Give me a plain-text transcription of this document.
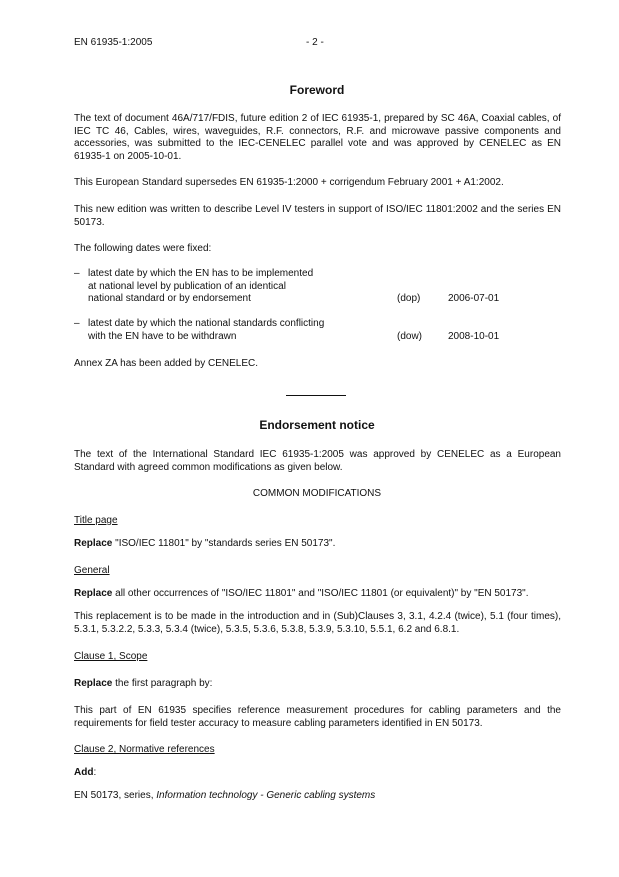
EN 61935-1:2005	- 2 -
Foreword
The text of document 46A/717/FDIS, future edition 2 of IEC 61935-1, prepared by SC 46A, Coaxial cables, of IEC TC 46, Cables, wires, waveguides, R.F. connectors, R.F. and microwave passive components and accessories, was submitted to the IEC-CENELEC parallel vote and was approved by CENELEC as EN 61935-1 on 2005-10-01.
This European Standard supersedes EN 61935-1:2000 + corrigendum February 2001 + A1:2002.
This new edition was written to describe Level IV testers in support of ISO/IEC 11801:2002 and the series EN 50173.
The following dates were fixed:
– latest date by which the EN has to be implemented
at national level by publication of an identical
national standard or by endorsement	(dop)	2006-07-01
– latest date by which the national standards conflicting
with the EN have to be withdrawn	(dow)	2008-10-01
Annex ZA has been added by CENELEC.
Endorsement notice
The text of the International Standard IEC 61935-1:2005 was approved by CENELEC as a European Standard with agreed common modifications as given below.
COMMON MODIFICATIONS
Title page
Replace "ISO/IEC 11801" by "standards series EN 50173".
General
Replace all other occurrences of "ISO/IEC 11801" and "ISO/IEC 11801 (or equivalent)" by "EN 50173".
This replacement is to be made in the introduction and in (Sub)Clauses 3, 3.1, 4.2.4 (twice), 5.1 (four times), 5.3.1, 5.3.2.2, 5.3.3, 5.3.4 (twice), 5.3.5, 5.3.6, 5.3.8, 5.3.9, 5.3.10, 5.5.1, 6.2 and 6.8.1.
Clause 1, Scope
Replace the first paragraph by:
This part of EN 61935 specifies reference measurement procedures for cabling parameters and the requirements for field tester accuracy to measure cabling parameters identified in EN 50173.
Clause 2, Normative references
Add:
EN 50173, series, Information technology - Generic cabling systems
